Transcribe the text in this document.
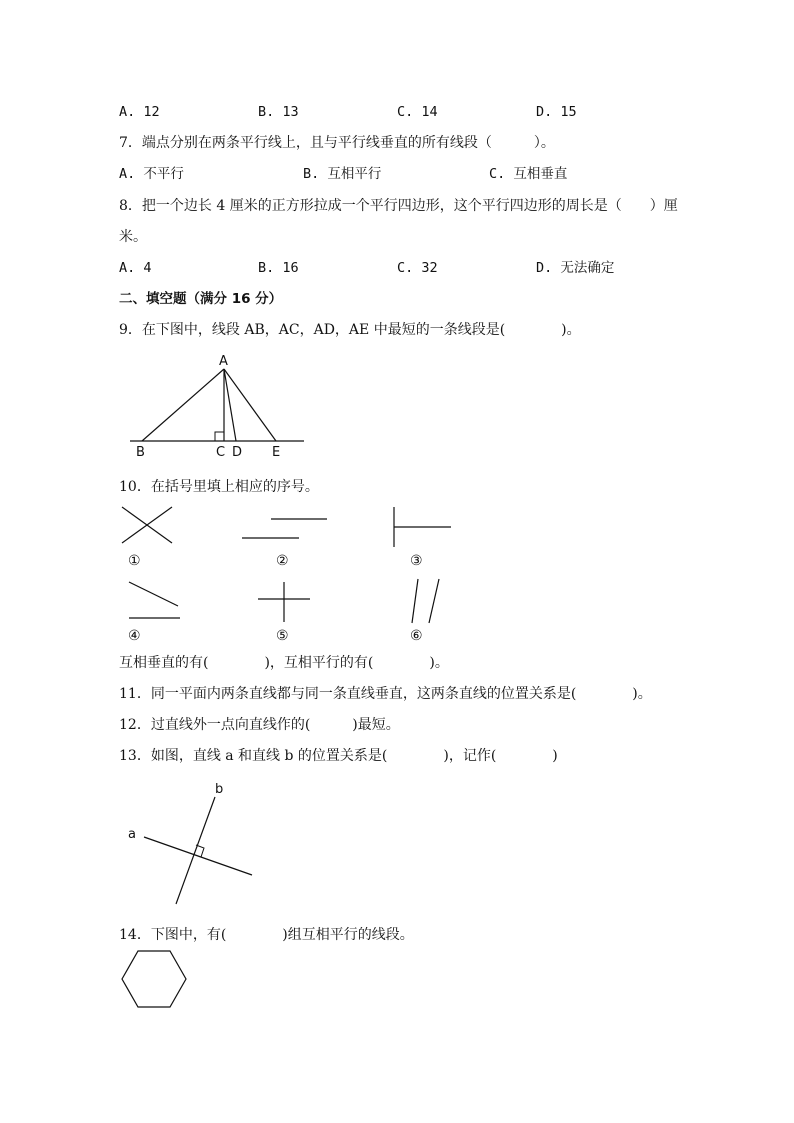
A. 12	B. 13	C. 14	D. 15
7．端点分别在两条平行线上，且与平行线垂直的所有线段（　　　）。
A. 不平行	B. 互相平行	C. 互相垂直
8．把一个边长 4 厘米的正方形拉成一个平行四边形，这个平行四边形的周长是（　　）厘
米。
A. 4	B. 16	C. 32	D. 无法确定
二、填空题（满分 16 分）
9．在下图中，线段 AB，AC，AD，AE 中最短的一条线段是(　　　　)。
A
B	C D E
10．在括号里填上相应的序号。
①	②	③
④	⑤	⑥
互相垂直的有(　　　　)，互相平行的有(　　　　)。
11．同一平面内两条直线都与同一条直线垂直，这两条直线的位置关系是(　　　　)。
12．过直线外一点向直线作的(　　　)最短。
13．如图，直线 a 和直线 b 的位置关系是(　　　　)，记作(　　　　)
a
b
14．下图中，有(　　　　)组互相平行的线段。
